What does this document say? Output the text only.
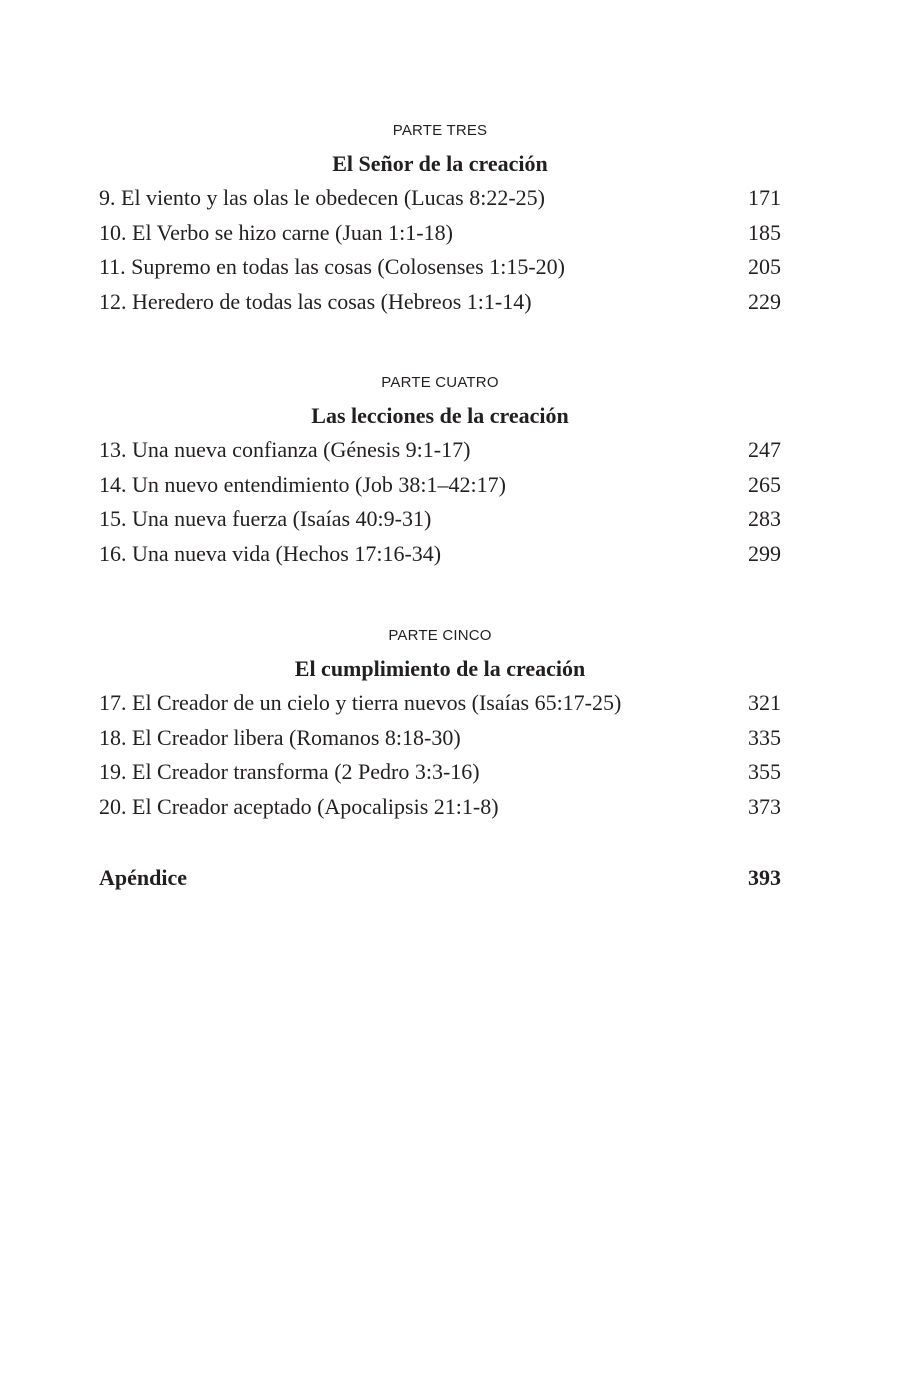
PARTE TRES
El Señor de la creación
9. El viento y las olas le obedecen (Lucas 8:22-25)	171
10. El Verbo se hizo carne (Juan 1:1-18)	185
11. Supremo en todas las cosas (Colosenses 1:15-20)	205
12. Heredero de todas las cosas (Hebreos 1:1-14)	229
PARTE CUATRO
Las lecciones de la creación
13. Una nueva confianza (Génesis 9:1-17)	247
14. Un nuevo entendimiento (Job 38:1–42:17)	265
15. Una nueva fuerza (Isaías 40:9-31)	283
16. Una nueva vida (Hechos 17:16-34)	299
PARTE CINCO
El cumplimiento de la creación
17. El Creador de un cielo y tierra nuevos (Isaías 65:17-25)	321
18. El Creador libera (Romanos 8:18-30)	335
19. El Creador transforma (2 Pedro 3:3-16)	355
20. El Creador aceptado (Apocalipsis 21:1-8)	373
Apéndice	393
